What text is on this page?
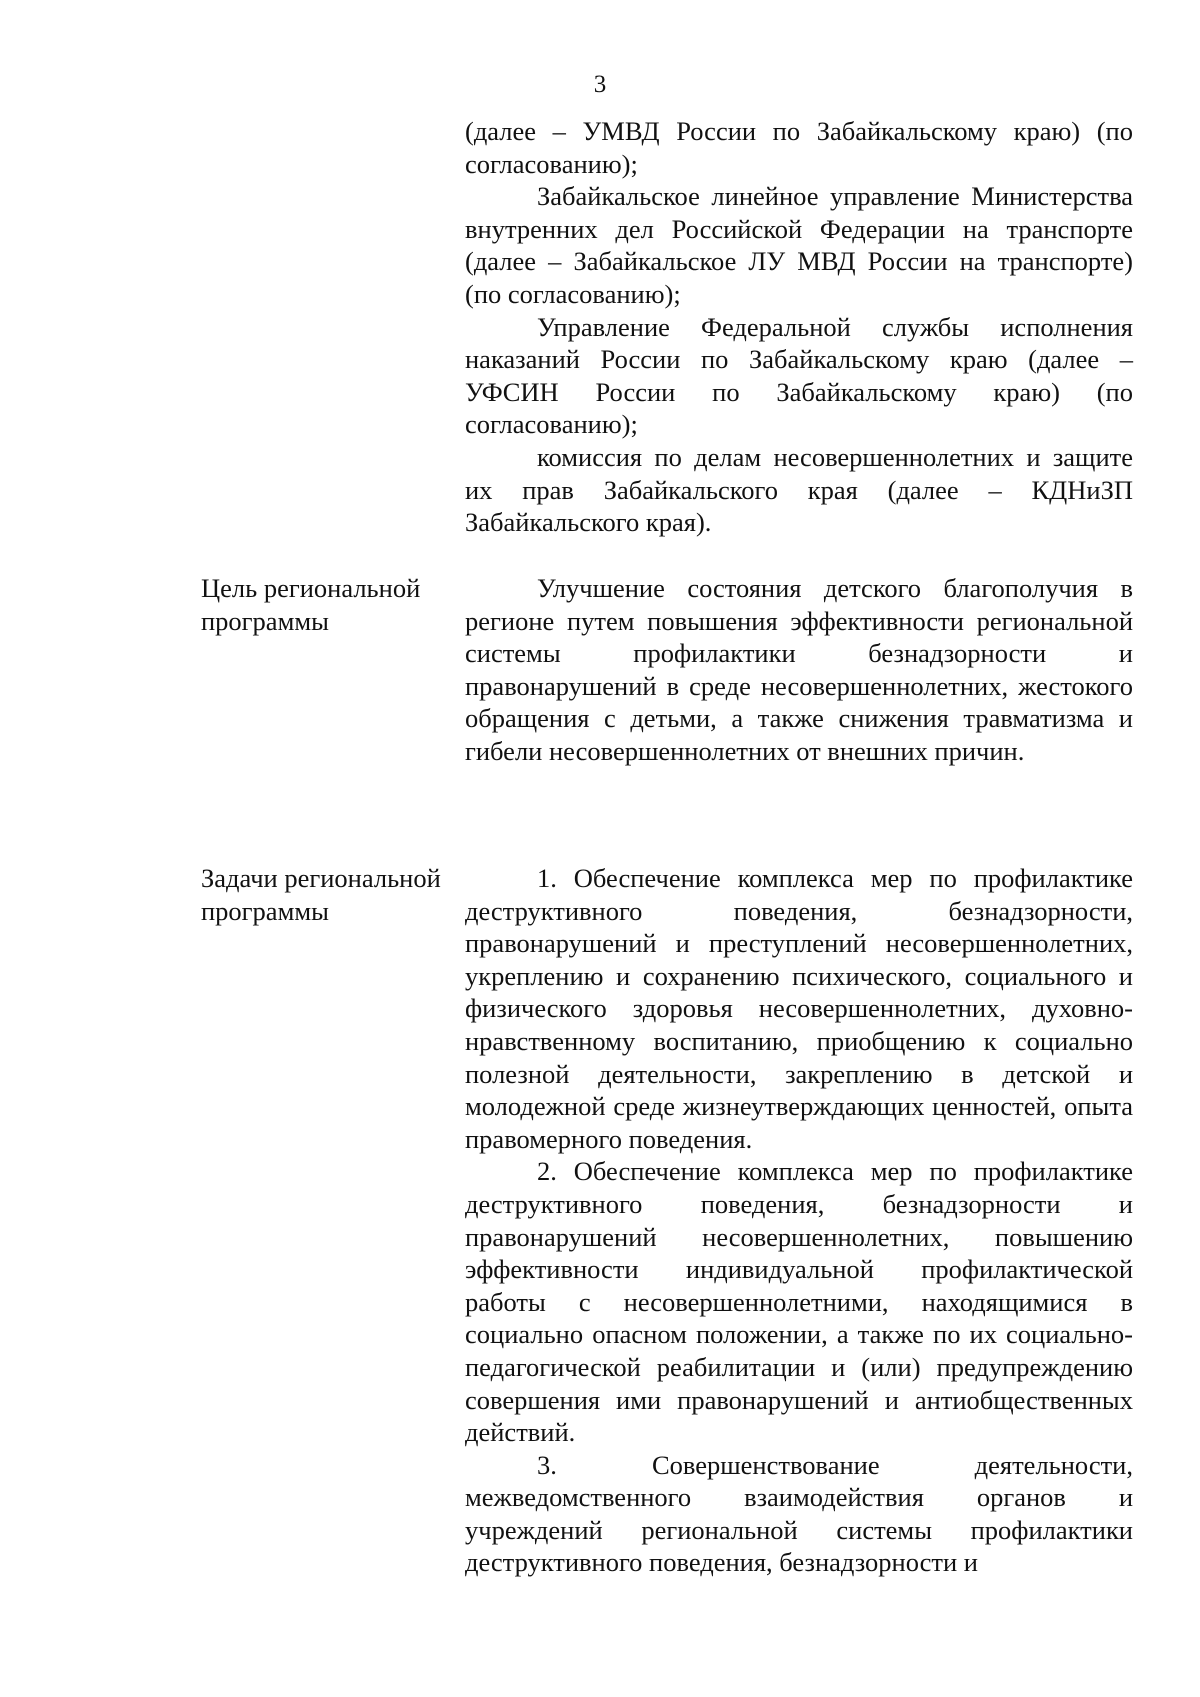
3

(далее – УМВД России по Забайкальскому краю) (по согласованию);

Забайкальское линейное управление Министерства внутренних дел Российской Федерации на транспорте (далее – Забайкальское ЛУ МВД России на транспорте) (по согласованию);

Управление Федеральной службы исполнения наказаний России по Забайкальскому краю (далее – УФСИН России по Забайкальскому краю) (по согласованию);

комиссия по делам несовершеннолетних и защите их прав Забайкальского края (далее – КДНиЗП Забайкальского края).

Цель региональной программы

Улучшение состояния детского благополучия в регионе путем повышения эффективности региональной системы профилактики безнадзорности и правонарушений в среде несовершеннолетних, жестокого обращения с детьми, а также снижения травматизма и гибели несовершеннолетних от внешних причин.

Задачи региональной программы

1. Обеспечение комплекса мер по профилактике деструктивного поведения, безнадзорности, правонарушений и преступлений несовершеннолетних, укреплению и сохранению психического, социального и физического здоровья несовершеннолетних, духовно-нравственному воспитанию, приобщению к социально полезной деятельности, закреплению в детской и молодежной среде жизнеутверждающих ценностей, опыта правомерного поведения.

2. Обеспечение комплекса мер по профилактике деструктивного поведения, безнадзорности и правонарушений несовершеннолетних, повышению эффективности индивидуальной профилактической работы с несовершеннолетними, находящимися в социально опасном положении, а также по их социально-педагогической реабилитации и (или) предупреждению совершения ими правонарушений и антиобщественных действий.

3. Совершенствование деятельности, межведомственного взаимодействия органов и учреждений региональной системы профилактики деструктивного поведения, безнадзорности и
